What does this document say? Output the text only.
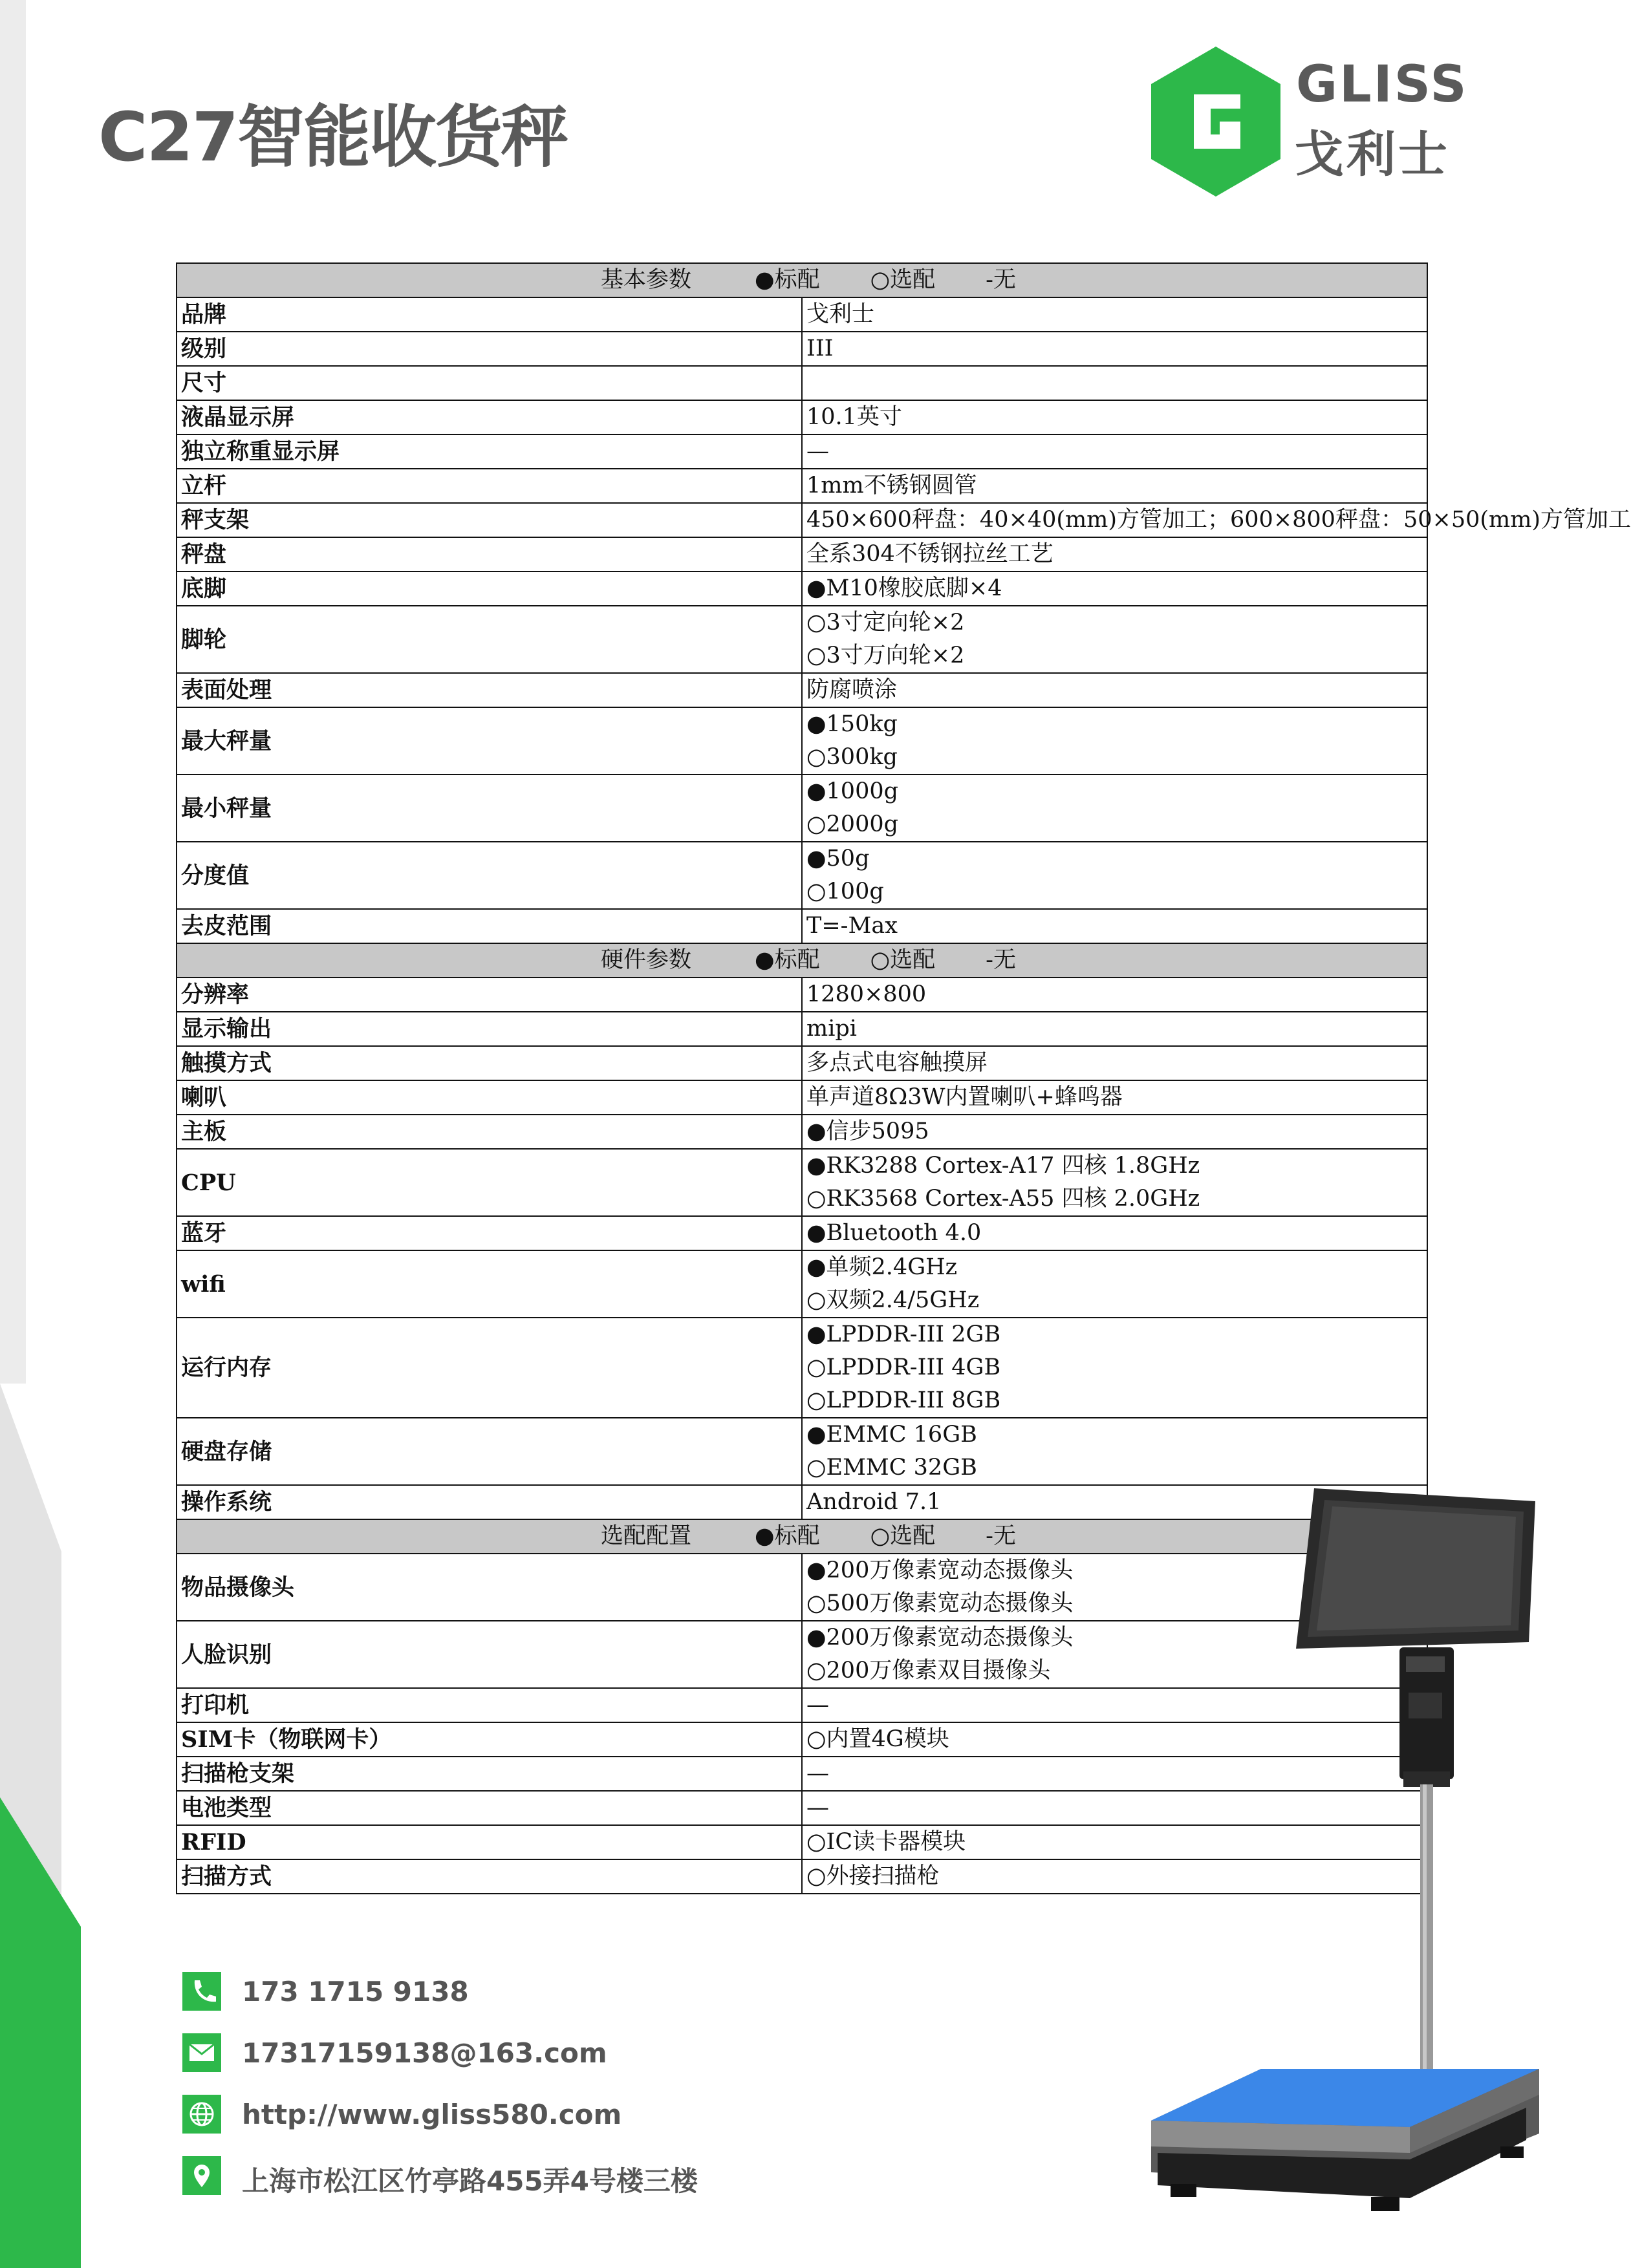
C27智能收货秤
GLISS
戈利士
基本参数 ●标配 ○选配 -无	
品牌	戈利士

级别	III

尺寸	

液晶显示屏	10.1英寸

独立称重显示屏	—

立杆	1mm不锈钢圆管

秤支架	450×600秤盘：40×40(mm)方管加工；600×800秤盘：50×50(mm)方管加工

秤盘	全系304不锈钢拉丝工艺

底脚	●M10橡胶底脚×4

脚轮	○3寸定向轮×2
○3寸万向轮×2

表面处理	防腐喷涂

最大秤量	●150kg
○300kg

最小秤量	●1000g
○2000g

分度值	●50g
○100g

去皮范围	T=-Max

硬件参数 ●标配 ○选配 -无	
分辨率	1280×800

显示输出	mipi

触摸方式	多点式电容触摸屏

喇叭	单声道8Ω3W内置喇叭+蜂鸣器

主板	●信步5095

CPU	●RK3288 Cortex-A17 四核 1.8GHz
○RK3568 Cortex-A55 四核 2.0GHz

蓝牙	●Bluetooth 4.0

wifi	●单频2.4GHz
○双频2.4/5GHz

运行内存	●LPDDR-III 2GB
○LPDDR-III 4GB
○LPDDR-III 8GB

硬盘存储	●EMMC 16GB
○EMMC 32GB

操作系统	Android 7.1

选配配置 ●标配 ○选配 -无	
物品摄像头	●200万像素宽动态摄像头
○500万像素宽动态摄像头

人脸识别	●200万像素宽动态摄像头
○200万像素双目摄像头

打印机	—

SIM卡（物联网卡）	○内置4G模块

扫描枪支架	—

电池类型	—

RFID	○IC读卡器模块

扫描方式	○外接扫描枪
173 1715 9138
17317159138@163.com
http://www.gliss580.com
上海市松江区竹亭路455弄4号楼三楼
